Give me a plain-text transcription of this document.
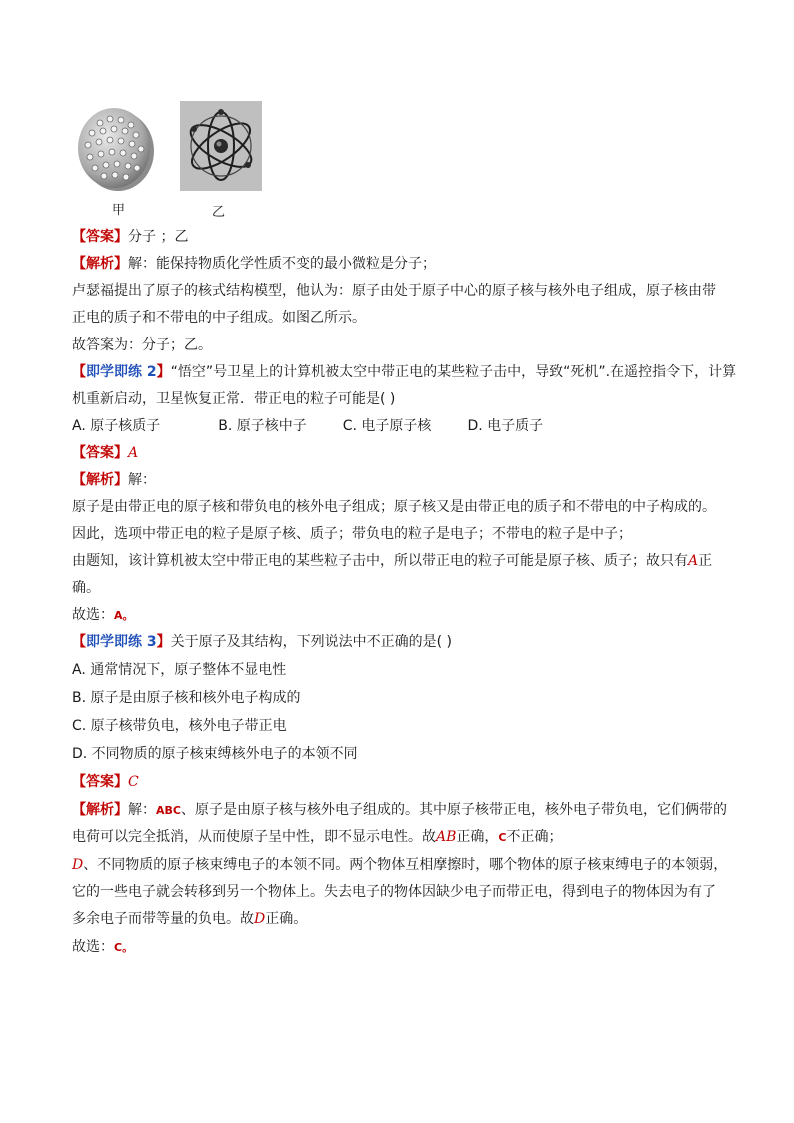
甲	乙
【答案】分子 ；乙
【解析】解：能保持物质化学性质不变的最小微粒是分子；
卢瑟福提出了原子的核式结构模型，他认为：原子由处于原子中心的原子核与核外电子组成，原子核由带
正电的质子和不带电的中子组成。如图乙所示。
故答案为：分子；乙。
【即学即练 2】“悟空”号卫星上的计算机被太空中带正电的某些粒子击中，导致“死机”.在遥控指令下，计算
机重新启动，卫星恢复正常．带正电的粒子可能是( )
A. 原子核质子	B. 原子核中子	C. 电子原子核	D. 电子质子
【答案】A
【解析】解：
原子是由带正电的原子核和带负电的核外电子组成；原子核又是由带正电的质子和不带电的中子构成的。
因此，选项中带正电的粒子是原子核、质子；带负电的粒子是电子；不带电的粒子是中子；
由题知，该计算机被太空中带正电的某些粒子击中，所以带正电的粒子可能是原子核、质子；故只有A正
确。
故选：A。
【即学即练 3】关于原子及其结构，下列说法中不正确的是( )
A. 通常情况下，原子整体不显电性
B. 原子是由原子核和核外电子构成的
C. 原子核带负电，核外电子带正电
D. 不同物质的原子核束缚核外电子的本领不同
【答案】C
【解析】解：ABC、原子是由原子核与核外电子组成的。其中原子核带正电，核外电子带负电，它们俩带的
电荷可以完全抵消，从而使原子呈中性，即不显示电性。故AB正确，C不正确；
D、不同物质的原子核束缚电子的本领不同。两个物体互相摩擦时，哪个物体的原子核束缚电子的本领弱，
它的一些电子就会转移到另一个物体上。失去电子的物体因缺少电子而带正电，得到电子的物体因为有了
多余电子而带等量的负电。故D正确。
故选：C。
